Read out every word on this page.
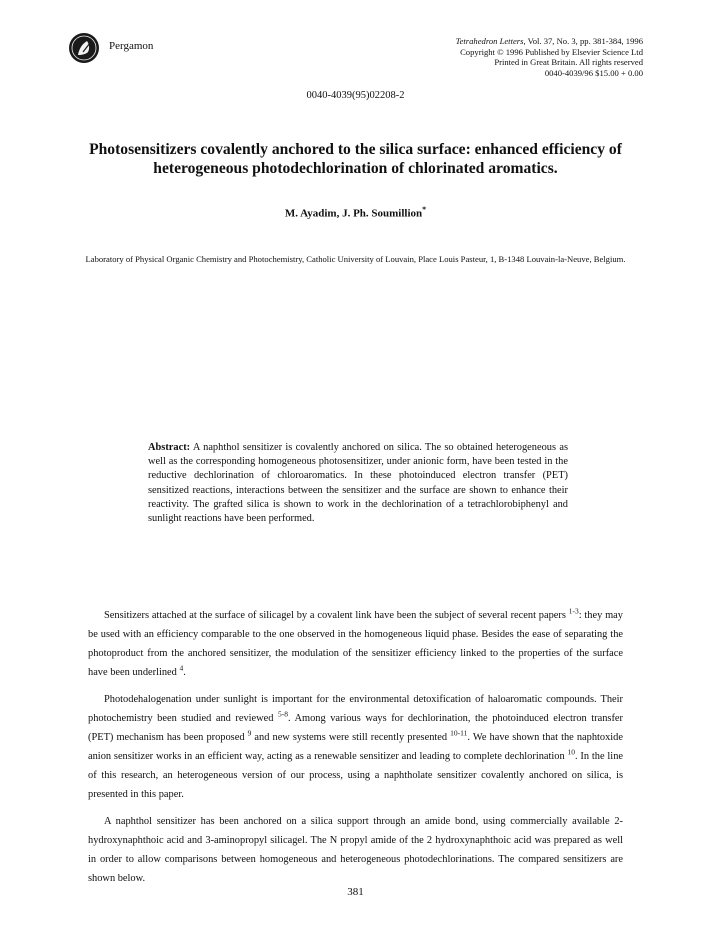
Pergamon	Tetrahedron Letters, Vol. 37, No. 3, pp. 381-384, 1996
Copyright © 1996 Published by Elsevier Science Ltd
Printed in Great Britain. All rights reserved
0040-4039/96 $15.00 + 0.00
0040-4039(95)02208-2
Photosensitizers covalently anchored to the silica surface: enhanced efficiency of heterogeneous photodechlorination of chlorinated aromatics.
M. Ayadim, J. Ph. Soumillion*
Laboratory of Physical Organic Chemistry and Photochemistry, Catholic University of Louvain, Place Louis Pasteur, 1, B-1348 Louvain-la-Neuve, Belgium.
Abstract: A naphthol sensitizer is covalently anchored on silica. The so obtained heterogeneous as well as the corresponding homogeneous photosensitizer, under anionic form, have been tested in the reductive dechlorination of chloroaromatics. In these photoinduced electron transfer (PET) sensitized reactions, interactions between the sensitizer and the surface are shown to enhance their reactivity. The grafted silica is shown to work in the dechlorination of a tetrachlorobiphenyl and sunlight reactions have been performed.

Sensitizers attached at the surface of silicagel by a covalent link have been the subject of several recent papers $^{1-3}$: they may be used with an efficiency comparable to the one observed in the homogeneous liquid phase. Besides the ease of separating the photoproduct from the anchored sensitizer, the modulation of the sensitizer efficiency linked to the properties of the surface have been underlined $^4$.

Photodehalogenation under sunlight is important for the environmental detoxification of haloaromatic compounds. Their photochemistry been studied and reviewed $^{5-8}$. Among various ways for dechlorination, the photoinduced electron transfer (PET) mechanism has been proposed $^9$ and new systems were still recently presented $^{10-11}$. We have shown that the naphtoxide anion sensitizer works in an efficient way, acting as a renewable sensitizer and leading to complete dechlorination $^{10}$. In the line of this research, an heterogeneous version of our process, using a naphtholate sensitizer covalently anchored on silica, is presented in this paper.

A naphthol sensitizer has been anchored on a silica support through an amide bond, using commercially available 2-hydroxynaphthoic acid and 3-aminopropyl silicagel. The N propyl amide of the 2 hydroxynaphthoic acid was prepared as well in order to allow comparisons between homogeneous and heterogeneous photodechlorinations. The compared sensitizers are shown below.

381
